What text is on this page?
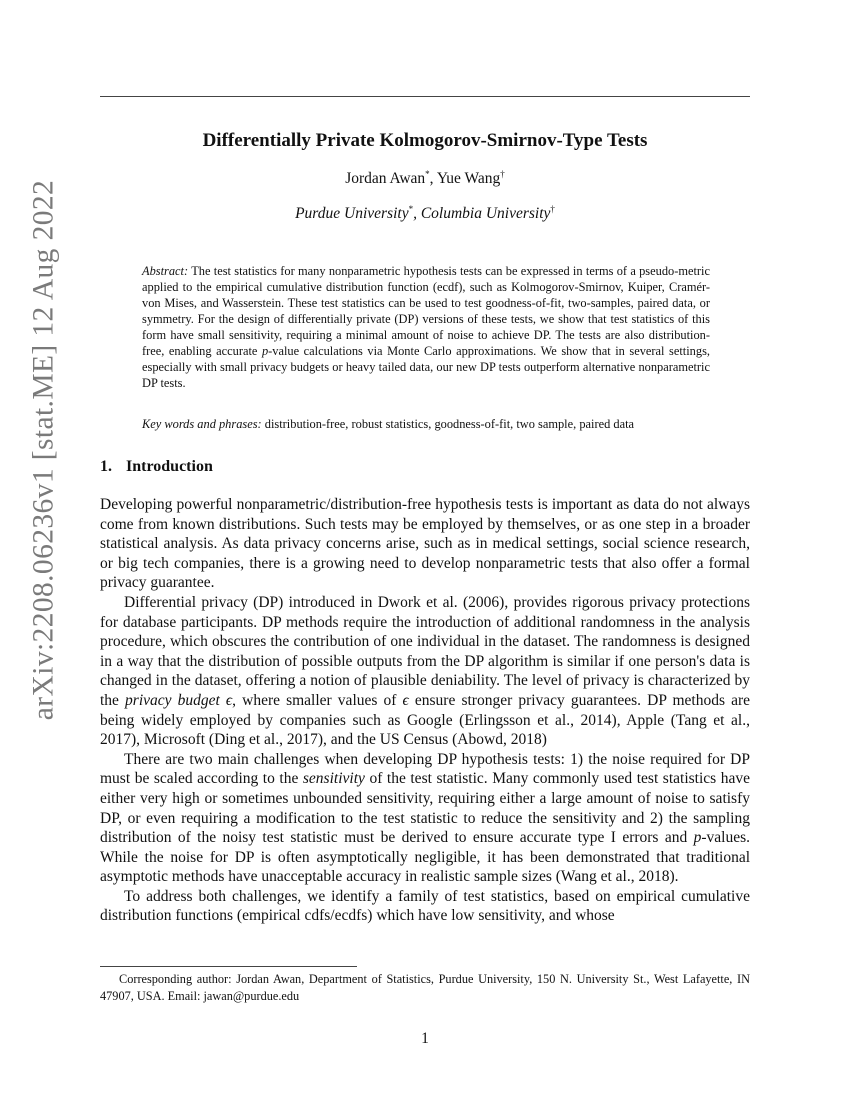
arXiv:2208.06236v1 [stat.ME] 12 Aug 2022
Differentially Private Kolmogorov-Smirnov-Type Tests
Jordan Awan*, Yue Wang†
Purdue University*, Columbia University†
Abstract: The test statistics for many nonparametric hypothesis tests can be expressed in terms of a pseudo-metric applied to the empirical cumulative distribution function (ecdf), such as Kolmogorov-Smirnov, Kuiper, Cramér-von Mises, and Wasserstein. These test statistics can be used to test goodness-of-fit, two-samples, paired data, or symmetry. For the design of differentially private (DP) versions of these tests, we show that test statistics of this form have small sensitivity, requiring a minimal amount of noise to achieve DP. The tests are also distribution-free, enabling accurate p-value calculations via Monte Carlo approximations. We show that in several settings, especially with small privacy budgets or heavy tailed data, our new DP tests outperform alternative nonparametric DP tests.
Key words and phrases: distribution-free, robust statistics, goodness-of-fit, two sample, paired data
1. Introduction

Developing powerful nonparametric/distribution-free hypothesis tests is important as data do not always come from known distributions. Such tests may be employed by themselves, or as one step in a broader statistical analysis. As data privacy concerns arise, such as in medical settings, social science research, or big tech companies, there is a growing need to develop nonparametric tests that also offer a formal privacy guarantee.

Differential privacy (DP) introduced in Dwork et al. (2006), provides rigorous privacy protections for database participants. DP methods require the introduction of additional randomness in the analysis procedure, which obscures the contribution of one individual in the dataset. The randomness is designed in a way that the distribution of possible outputs from the DP algorithm is similar if one person's data is changed in the dataset, offering a notion of plausible deniability. The level of privacy is characterized by the privacy budget ϵ, where smaller values of ϵ ensure stronger privacy guarantees. DP methods are being widely employed by companies such as Google (Erlingsson et al., 2014), Apple (Tang et al., 2017), Microsoft (Ding et al., 2017), and the US Census (Abowd, 2018)

There are two main challenges when developing DP hypothesis tests: 1) the noise required for DP must be scaled according to the sensitivity of the test statistic. Many commonly used test statistics have either very high or sometimes unbounded sensitivity, requiring either a large amount of noise to satisfy DP, or even requiring a modification to the test statistic to reduce the sensitivity and 2) the sampling distribution of the noisy test statistic must be derived to ensure accurate type I errors and p-values. While the noise for DP is often asymptotically negligible, it has been demonstrated that traditional asymptotic methods have unacceptable accuracy in realistic sample sizes (Wang et al., 2018).

To address both challenges, we identify a family of test statistics, based on empirical cumulative distribution functions (empirical cdfs/ecdfs) which have low sensitivity, and whose

Corresponding author: Jordan Awan, Department of Statistics, Purdue University, 150 N. University St., West Lafayette, IN 47907, USA. Email: jawan@purdue.edu
1
